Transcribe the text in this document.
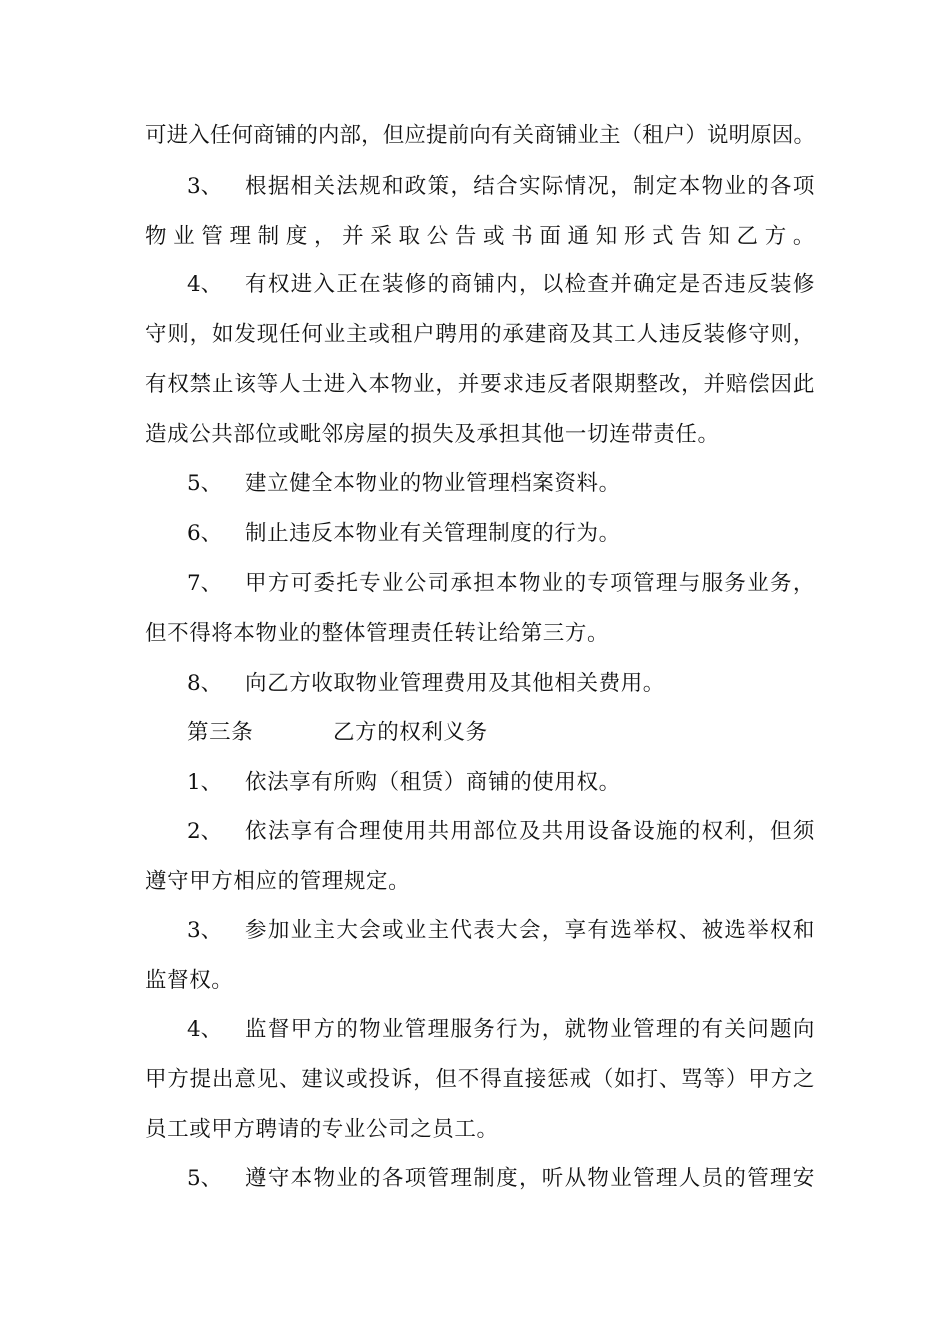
可进入任何商铺的内部，但应提前向有关商铺业主（租户）说明原因。
3、	根据相关法规和政策，结合实际情况，制定本物业的各项
物业管理制度，并采取公告或书面通知形式告知乙方。
4、	有权进入正在装修的商铺内，以检查并确定是否违反装修
守则，如发现任何业主或租户聘用的承建商及其工人违反装修守则，
有权禁止该等人士进入本物业，并要求违反者限期整改，并赔偿因此
造成公共部位或毗邻房屋的损失及承担其他一切连带责任。
5、	建立健全本物业的物业管理档案资料。
6、	制止违反本物业有关管理制度的行为。
7、	甲方可委托专业公司承担本物业的专项管理与服务业务，
但不得将本物业的整体管理责任转让给第三方。
8、	向乙方收取物业管理费用及其他相关费用。
第三条	乙方的权利义务
1、	依法享有所购（租赁）商铺的使用权。
2、	依法享有合理使用共用部位及共用设备设施的权利，但须
遵守甲方相应的管理规定。
3、	参加业主大会或业主代表大会，享有选举权、被选举权和
监督权。
4、	监督甲方的物业管理服务行为，就物业管理的有关问题向
甲方提出意见、建议或投诉，但不得直接惩戒（如打、骂等）甲方之
员工或甲方聘请的专业公司之员工。
5、	遵守本物业的各项管理制度，听从物业管理人员的管理安
